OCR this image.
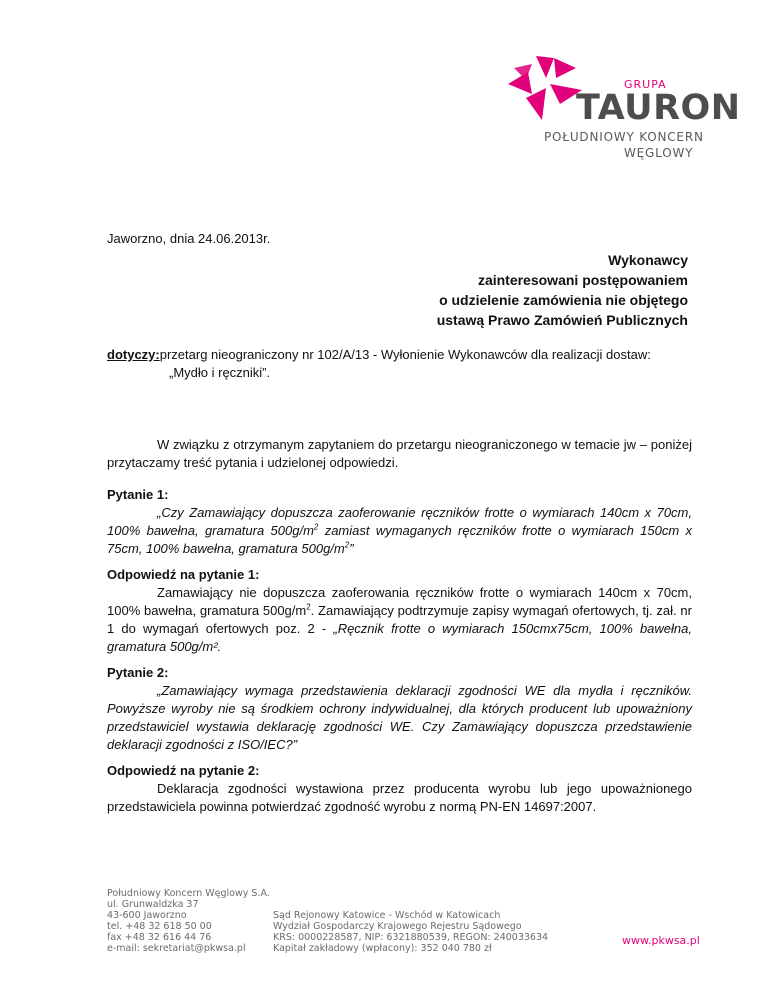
GRUPA
TAURON
POŁUDNIOWY KONCERN
WĘGLOWY
Jaworzno, dnia 24.06.2013r.
Wykonawcy
zainteresowani postępowaniem
o udzielenie zamówienia nie objętego
ustawą Prawo Zamówień Publicznych
dotyczy:przetarg nieograniczony nr 102/A/13 - Wyłonienie Wykonawców dla realizacji dostaw:
„Mydło i ręczniki”.
W związku z otrzymanym zapytaniem do przetargu nieograniczonego w temacie jw – poniżej przytaczamy treść pytania i udzielonej odpowiedzi.
Pytanie 1:
„Czy Zamawiający dopuszcza zaoferowanie ręczników frotte o wymiarach 140cm x 70cm, 100% bawełna, gramatura $500g/m^2$ zamiast wymaganych ręczników frotte o wymiarach 150cm x 75cm, 100% bawełna, gramatura $500g/m^2$”
Odpowiedź na pytanie 1:
Zamawiający nie dopuszcza zaoferowania ręczników frotte o wymiarach 140cm x 70cm, 100% bawełna, gramatura $500g/m^2$. Zamawiający podtrzymuje zapisy wymagań ofertowych, tj. zał. nr 1 do wymagań ofertowych poz. 2 - „Ręcznik frotte o wymiarach 150cmx75cm, 100% bawełna, gramatura 500g/m².
Pytanie 2:
„Zamawiający wymaga przedstawienia deklaracji zgodności WE dla mydła i ręczników. Powyższe wyroby nie są środkiem ochrony indywidualnej, dla których producent lub upoważniony przedstawiciel wystawia deklarację zgodności WE. Czy Zamawiający dopuszcza przedstawienie deklaracji zgodności z ISO/IEC?”
Odpowiedź na pytanie 2:
Deklaracja zgodności wystawiona przez producenta wyrobu lub jego upoważnionego przedstawiciela powinna potwierdzać zgodność wyrobu z normą PN-EN 14697:2007.
Południowy Koncern Węglowy S.A.
ul. Grunwaldzka 37
43-600 Jaworzno
tel. +48 32 618 50 00
fax +48 32 616 44 76
e-mail: sekretariat@pkwsa.pl
Sąd Rejonowy Katowice - Wschód w Katowicach
Wydział Gospodarczy Krajowego Rejestru Sądowego
KRS: 0000228587, NIP: 6321880539, REGON: 240033634
Kapitał zakładowy (wpłacony): 352 040 780 zł
www.pkwsa.pl
